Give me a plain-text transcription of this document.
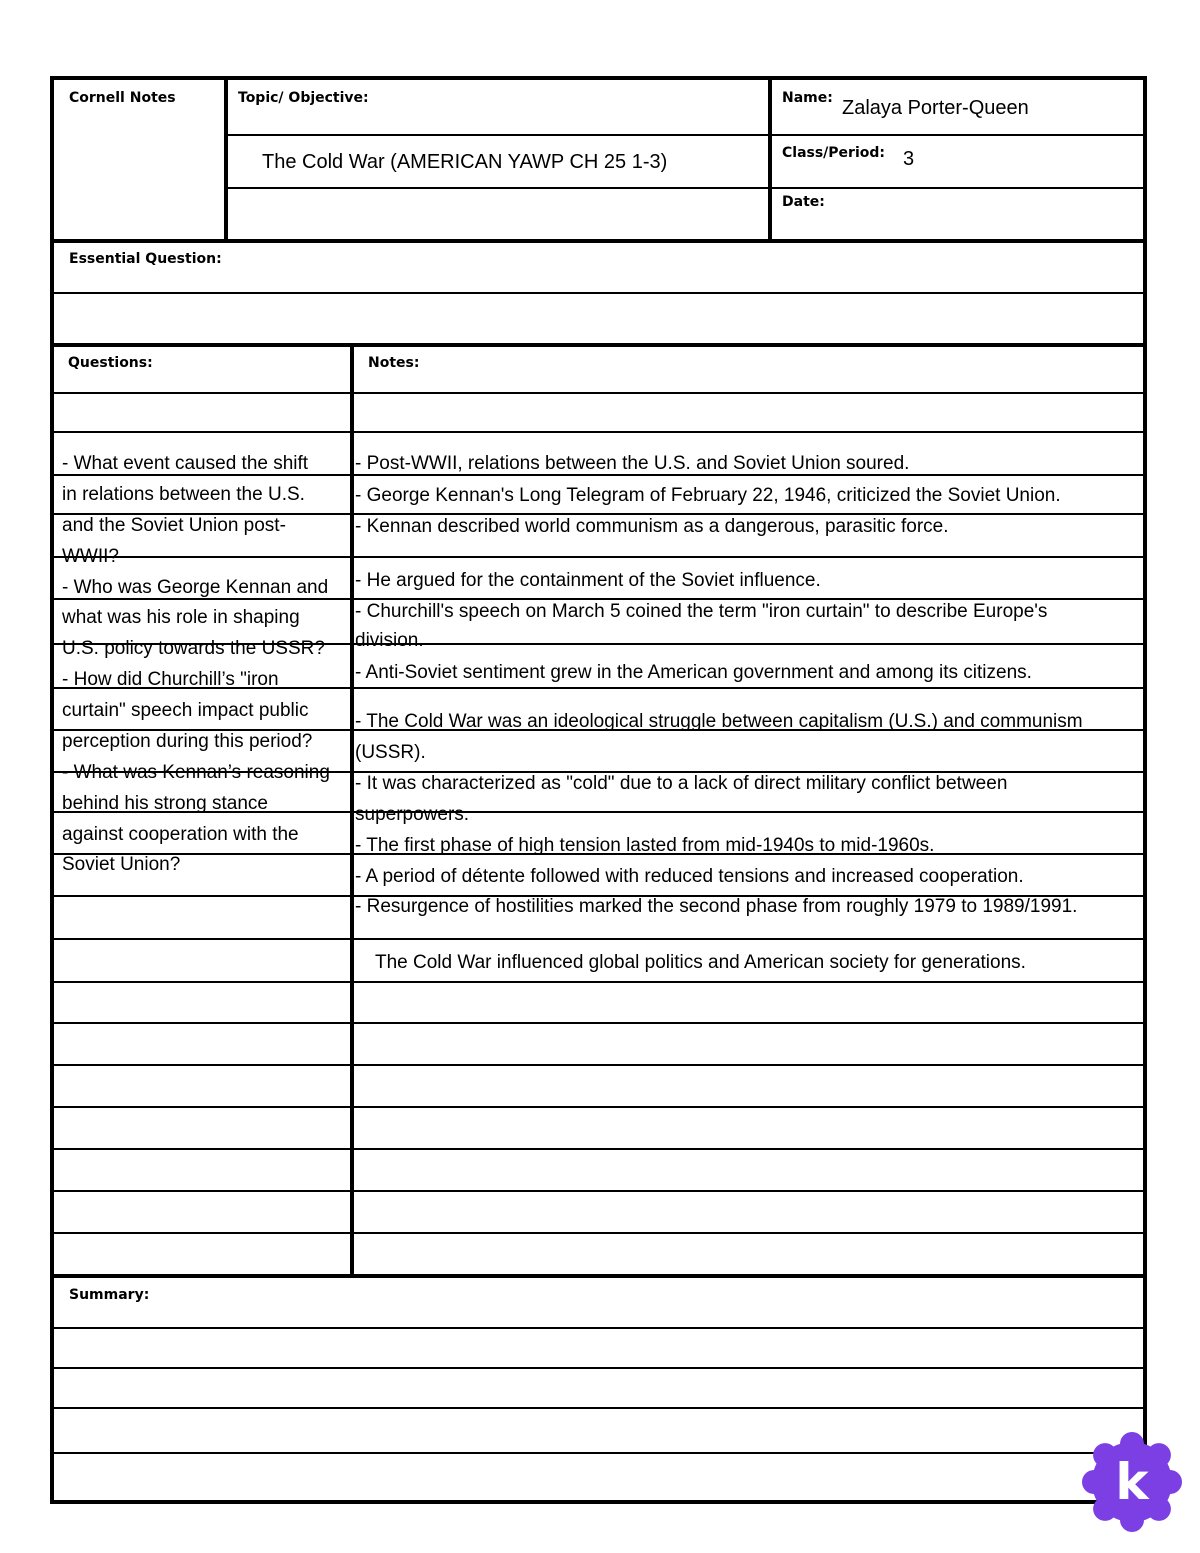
Cornell Notes	Topic/ Objective:
The Cold War (AMERICAN YAWP CH 25 1-3)
Name: Zalaya Porter-Queen
Class/Period: 3
Date:
Essential Question:
Questions:	Notes:
- What event caused the shift
in relations between the U.S.
and the Soviet Union post-
WWII?
- Who was George Kennan and
what was his role in shaping
U.S. policy towards the USSR?
- How did Churchill’s "iron
curtain" speech impact public
perception during this period?
- What was Kennan’s reasoning
behind his strong stance
against cooperation with the
Soviet Union?
- Post-WWII, relations between the U.S. and Soviet Union soured.
- George Kennan's Long Telegram of February 22, 1946, criticized the Soviet Union.
- Kennan described world communism as a dangerous, parasitic force.
- He argued for the containment of the Soviet influence.
- Churchill's speech on March 5 coined the term "iron curtain" to describe Europe's
division.
- Anti-Soviet sentiment grew in the American government and among its citizens.
- The Cold War was an ideological struggle between capitalism (U.S.) and communism
(USSR).
- It was characterized as "cold" due to a lack of direct military conflict between
superpowers.
- The first phase of high tension lasted from mid-1940s to mid-1960s.
- A period of détente followed with reduced tensions and increased cooperation.
- Resurgence of hostilities marked the second phase from roughly 1979 to 1989/1991.
The Cold War influenced global politics and American society for generations.
Summary:
k
